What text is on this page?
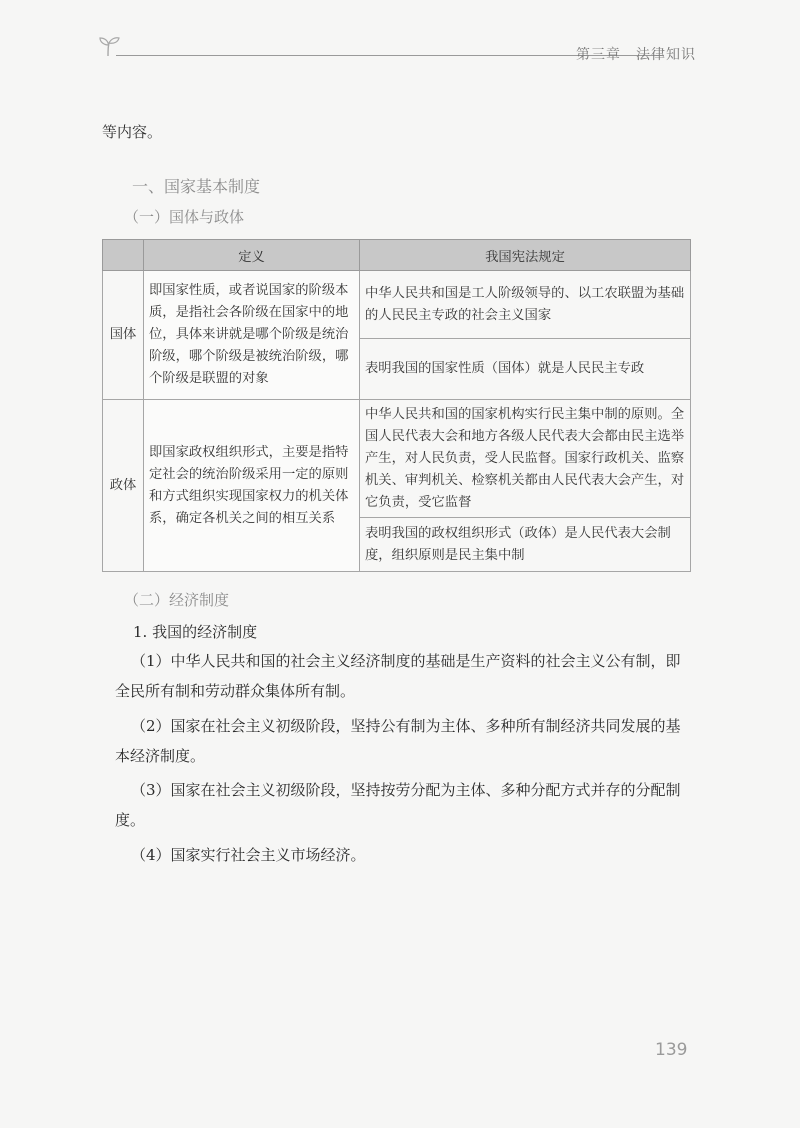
第三章　法律知识
等内容。
一、国家基本制度
（一）国体与政体
	定义	我国宪法规定
国体	即国家性质，或者说国家的阶级本质，是指社会各阶级在国家中的地位，具体来讲就是哪个阶级是统治阶级，哪个阶级是被统治阶级，哪个阶级是联盟的对象	中华人民共和国是工人阶级领导的、以工农联盟为基础的人民民主专政的社会主义国家
		表明我国的国家性质（国体）就是人民民主专政
政体	即国家政权组织形式，主要是指特定社会的统治阶级采用一定的原则和方式组织实现国家权力的机关体系，确定各机关之间的相互关系	中华人民共和国的国家机构实行民主集中制的原则。全国人民代表大会和地方各级人民代表大会都由民主选举产生，对人民负责，受人民监督。国家行政机关、监察机关、审判机关、检察机关都由人民代表大会产生，对它负责，受它监督
		表明我国的政权组织形式（政体）是人民代表大会制度，组织原则是民主集中制
（二）经济制度
1. 我国的经济制度
（1）中华人民共和国的社会主义经济制度的基础是生产资料的社会主义公有制，即全民所有制和劳动群众集体所有制。
（2）国家在社会主义初级阶段，坚持公有制为主体、多种所有制经济共同发展的基本经济制度。
（3）国家在社会主义初级阶段，坚持按劳分配为主体、多种分配方式并存的分配制度。
（4）国家实行社会主义市场经济。
139
